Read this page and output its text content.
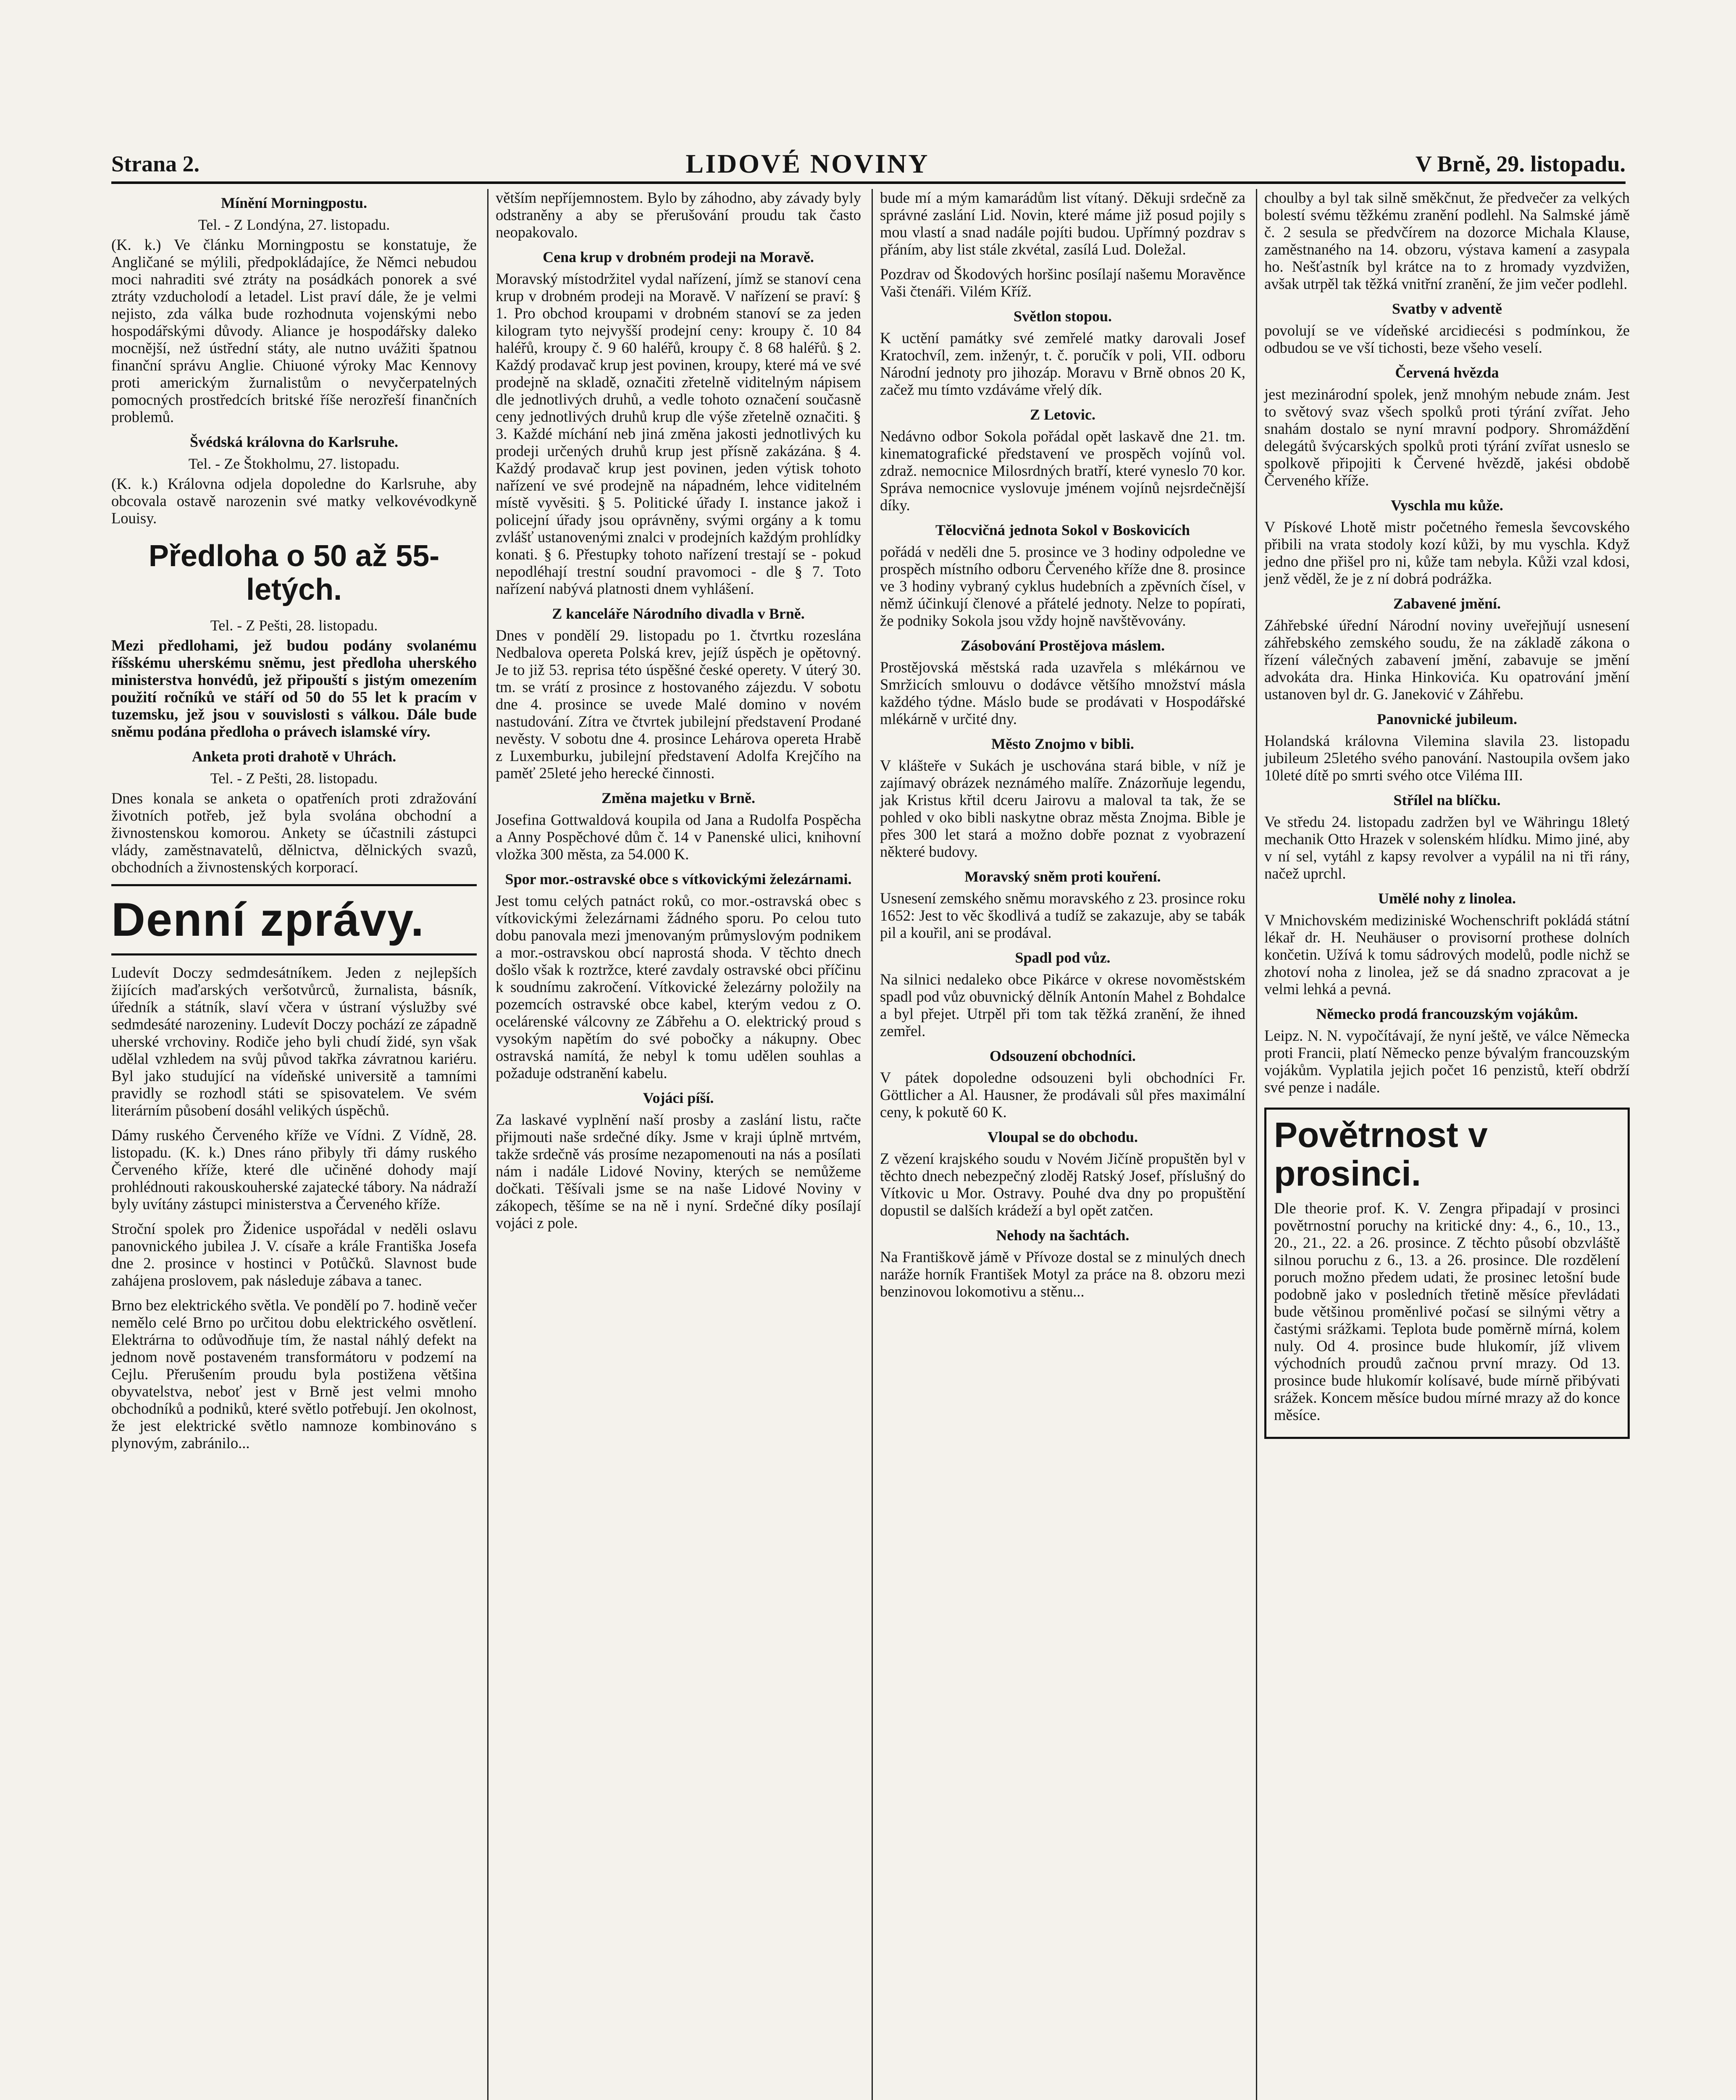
Strana 2.	LIDOVÉ NOVINY	V Brně, 29. listopadu.
Mínění Morningpostu.
Tel. - Z Londýna, 27. listopadu.

(K. k.) Ve článku Morningpostu se konstatuje, že Angličané se mýlili, předpokládajíce, že Němci nebudou moci nahraditi své ztráty na posádkách ponorek a své ztráty vzducholodí a letadel. List praví dále, že je velmi nejisto, zda válka bude rozhodnuta vojenskými nebo hospodářskými důvody. Aliance je hospodářsky daleko mocnější, než ústřední státy, ale nutno uvážiti špatnou finanční správu Anglie. Chiuoné výroky Mac Kennovy proti americkým žurnalistům o nevyčerpatelných pomocných prostředcích britské říše nerozřeší finančních problemů.

Švédská královna do Karlsruhe.
Tel. - Ze Štokholmu, 27. listopadu.

(K. k.) Královna odjela dopoledne do Karlsruhe, aby obcovala ostavě narozenin své matky velkovévodkyně Louisy.

Předloha o 50 až 55-letých.
Tel. - Z Pešti, 28. listopadu.

Mezi předlohami, jež budou podány svolanému říšskému uherskému sněmu, jest předloha uherského ministerstva honvédů, jež připouští s jistým omezením použití ročníků ve stáří od 50 do 55 let k pracím v tuzemsku, jež jsou v souvislosti s válkou. Dále bude sněmu podána předloha o právech islamské víry.

Anketa proti drahotě v Uhrách.
Tel. - Z Pešti, 28. listopadu.

Dnes konala se anketa o opatřeních proti zdražování životních potřeb, jež byla svolána obchodní a živnostenskou komorou. Ankety se účastnili zástupci vlády, zaměstnavatelů, dělnictva, dělnických svazů, obchodních a živnostenských korporací.

Denní zprávy.

Ludevít Doczy sedmdesátníkem. Jeden z nejlepších žijících maďarských veršotvůrců, žurnalista, básník, úředník a státník, slaví včera v ústraní výslužby své sedmdesáté narozeniny. Ludevít Doczy pochází ze západně uherské vrchoviny. Rodiče jeho byli chudí židé, syn však udělal vzhledem na svůj původ takřka závratnou kariéru. Byl jako studující na vídeňské universitě a tamními pravidly se rozhodl státi se spisovatelem. Ve svém literárním působení dosáhl velikých úspěchů.

Dámy ruského Červeného kříže ve Vídni. Z Vídně, 28. listopadu. (K. k.) Dnes ráno přibyly tři dámy ruského Červeného kříže, které dle učiněné dohody mají prohlédnouti rakouskouherské zajatecké tábory. Na nádraží byly uvítány zástupci ministerstva a Červeného kříže.

Stroční spolek pro Židenice uspořádal v neděli oslavu panovnického jubilea J. V. císaře a krále Františka Josefa dne 2. prosince v hostinci v Potůčků. Slavnost bude zahájena proslovem, pak následuje zábava a tanec.

Brno bez elektrického světla. Ve pondělí po 7. hodině večer nemělo celé Brno po určitou dobu elektrického osvětlení. Elektrárna to odůvodňuje tím, že nastal náhlý defekt na jednom nově postaveném transformátoru v podzemí na Cejlu. Přerušením proudu byla postižena většina obyvatelstva, neboť jest v Brně jest velmi mnoho obchodníků a podniků, které světlo potřebují. Jen okolnost, že jest elektrické světlo namnoze kombinováno s plynovým, zabránilo...

větším nepříjemnostem. Bylo by záhodno, aby závady byly odstraněny a aby se přerušování proudu tak často neopakovalo.

Cena krup v drobném prodeji na Moravě.

Moravský místodržitel vydal nařízení, jímž se stanoví cena krup v drobném prodeji na Moravě. V nařízení se praví: § 1. Pro obchod kroupami v drobném stanoví se za jeden kilogram tyto nejvyšší prodejní ceny: kroupy č. 10 84 haléřů, kroupy č. 9 60 haléřů, kroupy č. 8 68 haléřů. § 2. Každý prodavač krup jest povinen, kroupy, které má ve své prodejně na skladě, označiti zřetelně viditelným nápisem dle jednotlivých druhů, a vedle tohoto označení současně ceny jednotlivých druhů krup dle výše zřetelně označiti. § 3. Každé míchání neb jiná změna jakosti jednotlivých ku prodeji určených druhů krup jest přísně zakázána. § 4. Každý prodavač krup jest povinen, jeden výtisk tohoto nařízení ve své prodejně na nápadném, lehce viditelném místě vyvěsiti. § 5. Politické úřady I. instance jakož i policejní úřady jsou oprávněny, svými orgány a k tomu zvlášť ustanovenými znalci v prodejních každým prohlídky konati. § 6. Přestupky tohoto nařízení trestají se - pokud nepodléhají trestní soudní pravomoci - dle § 7. Toto nařízení nabývá platnosti dnem vyhlášení.

Z kanceláře Národního divadla v Brně.

Dnes v pondělí 29. listopadu po 1. čtvrtku rozeslána Nedbalova opereta Polská krev, jejíž úspěch je opětovný. Je to již 53. reprisa této úspěšné české operety. V úterý 30. tm. se vrátí z prosince z hostovaného zájezdu. V sobotu dne 4. prosince se uvede Malé domino v novém nastudování. Zítra ve čtvrtek jubilejní představení Prodané nevěsty. V sobotu dne 4. prosince Lehárova opereta Hrabě z Luxemburku, jubilejní představení Adolfa Krejčího na paměť 25leté jeho herecké činnosti.

Změna majetku v Brně.

Josefina Gottwaldová koupila od Jana a Rudolfa Pospěcha a Anny Pospěchové dům č. 14 v Panenské ulici, knihovní vložka 300 města, za 54.000 K.

Spor mor.-ostravské obce s vítkovickými železárnami.

Jest tomu celých patnáct roků, co mor.-ostravská obec s vítkovickými železárnami žádného sporu. Po celou tuto dobu panovala mezi jmenovaným průmyslovým podnikem a mor.-ostravskou obcí naprostá shoda. V těchto dnech došlo však k roztržce, které zavdaly ostravské obci příčinu k soudnímu zakročení. Vítkovické železárny položily na pozemcích ostravské obce kabel, kterým vedou z O. ocelárenské válcovny ze Zábřehu a O. elektrický proud s vysokým napětím do své pobočky a nákupny. Obec ostravská namítá, že nebyl k tomu udělen souhlas a požaduje odstranění kabelu.

Vojáci píší.

Za laskavé vyplnění naší prosby a zaslání listu, račte přijmouti naše srdečné díky. Jsme v kraji úplně mrtvém, takže srdečně vás prosíme nezapomenouti na nás a posílati nám i nadále Lidové Noviny, kterých se nemůžeme dočkati. Těšívali jsme se na naše Lidové Noviny v zákopech, těšíme se na ně i nyní. Srdečné díky posílají vojáci z pole.

bude mí a mým kamarádům list vítaný. Děkuji srdečně za správné zaslání Lid. Novin, které máme již posud pojily s mou vlastí a snad nadále pojíti budou. Upřímný pozdrav s přáním, aby list stále zkvétal, zasílá Lud. Doležal.

Pozdrav od Škodových horšinc posílají našemu Moravěnce Vaši čtenáři. Vilém Kříž.

Světlon stopou.

K uctění památky své zemřelé matky darovali Josef Kratochvíl, zem. inženýr, t. č. poručík v poli, VII. odboru Národní jednoty pro jihozáp. Moravu v Brně obnos 20 K, začež mu tímto vzdáváme vřelý dík.

Z Letovic.

Nedávno odbor Sokola pořádal opět laskavě dne 21. tm. kinematografické představení ve prospěch vojínů vol. zdraž. nemocnice Milosrdných bratří, které vyneslo 70 kor. Správa nemocnice vyslovuje jménem vojínů nejsrdečnější díky.

Tělocvičná jednota Sokol v Boskovicích

pořádá v neděli dne 5. prosince ve 3 hodiny odpoledne ve prospěch místního odboru Červeného kříže dne 8. prosince ve 3 hodiny vybraný cyklus hudebních a zpěvních čísel, v němž účinkují členové a přátelé jednoty. Nelze to popírati, že podniky Sokola jsou vždy hojně navštěvovány.

Zásobování Prostějova máslem.

Prostějovská městská rada uzavřela s mlékárnou ve Smržicích smlouvu o dodávce většího množství másla každého týdne. Máslo bude se prodávati v Hospodářské mlékárně v určité dny.

Město Znojmo v bibli.

V klášteře v Sukách je uschována stará bible, v níž je zajímavý obrázek neznámého malíře. Znázorňuje legendu, jak Kristus křtil dceru Jairovu a maloval ta tak, že se pohled v oko bibli naskytne obraz města Znojma. Bible je přes 300 let stará a možno dobře poznat z vyobrazení některé budovy.

Moravský sněm proti kouření.

Usnesení zemského sněmu moravského z 23. prosince roku 1652: Jest to věc škodlivá a tudíž se zakazuje, aby se tabák pil a kouřil, ani se prodával.

Spadl pod vůz.

Na silnici nedaleko obce Pikárce v okrese novoměstském spadl pod vůz obuvnický dělník Antonín Mahel z Bohdalce a byl přejet. Utrpěl při tom tak těžká zranění, že ihned zemřel.

Odsouzení obchodníci.

V pátek dopoledne odsouzeni byli obchodníci Fr. Göttlicher a Al. Hausner, že prodávali sůl přes maximální ceny, k pokutě 60 K.

Vloupal se do obchodu.

Z vězení krajského soudu v Novém Jičíně propuštěn byl v těchto dnech nebezpečný zloděj Ratský Josef, příslušný do Vítkovic u Mor. Ostravy. Pouhé dva dny po propuštění dopustil se dalších krádeží a byl opět zatčen.

Nehody na šachtách.

Na Františkově jámě v Přívoze dostal se z minulých dnech naráže horník František Motyl za práce na 8. obzoru mezi benzinovou lokomotivu a stěnu...

choulby a byl tak silně směkčnut, že předvečer za velkých bolestí svému těžkému zranění podlehl. Na Salmské jámě č. 2 sesula se předvčírem na dozorce Michala Klause, zaměstnaného na 14. obzoru, výstava kamení a zasypala ho. Nešťastník byl krátce na to z hromady vyzdvižen, avšak utrpěl tak těžká vnitřní zranění, že jim večer podlehl.

Svatby v adventě

povolují se ve vídeňské arcidiecési s podmínkou, že odbudou se ve vší tichosti, beze všeho veselí.

Červená hvězda

jest mezinárodní spolek, jenž mnohým nebude znám. Jest to světový svaz všech spolků proti týrání zvířat. Jeho snahám dostalo se nyní mravní podpory. Shromáždění delegátů švýcarských spolků proti týrání zvířat usneslo se spolkově připojiti k Červené hvězdě, jakési obdobě Červeného kříže.

Vyschla mu kůže.

V Pískové Lhotě mistr početného řemesla ševcovského přibili na vrata stodoly kozí kůži, by mu vyschla. Když jedno dne přišel pro ni, kůže tam nebyla. Kůži vzal kdosi, jenž věděl, že je z ní dobrá podrážka.

Zabavené jmění.

Záhřebské úřední Národní noviny uveřejňují usnesení záhřebského zemského soudu, že na základě zákona o řízení válečných zabavení jmění, zabavuje se jmění advokáta dra. Hinka Hinkovića. Ku opatrování jmění ustanoven byl dr. G. Janeković v Záhřebu.

Panovnické jubileum.

Holandská královna Vilemina slavila 23. listopadu jubileum 25letého svého panování. Nastoupila ovšem jako 10leté dítě po smrti svého otce Viléma III.

Střílel na blíčku.

Ve středu 24. listopadu zadržen byl ve Währingu 18letý mechanik Otto Hrazek v solenském hlídku. Mimo jiné, aby v ní sel, vytáhl z kapsy revolver a vypálil na ni tři rány, načež uprchl.

Umělé nohy z linolea.

V Mnichovském mediziniské Wochenschrift pokládá státní lékař dr. H. Neuhäuser o provisorní prothese dolních končetin. Užívá k tomu sádrových modelů, podle nichž se zhotoví noha z linolea, jež se dá snadno zpracovat a je velmi lehká a pevná.

Německo prodá francouzským vojákům.

Leipz. N. N. vypočítávají, že nyní ještě, ve válce Německa proti Francii, platí Německo penze bývalým francouzským vojákům. Vyplatila jejich počet 16 penzistů, kteří obdrží své penze i nadále.

Povětrnost v prosinci.

Dle theorie prof. K. V. Zengra připadají v prosinci povětrnostní poruchy na kritické dny: 4., 6., 10., 13., 20., 21., 22. a 26. prosince. Z těchto působí obzvláště silnou poruchu z 6., 13. a 26. prosince. Dle rozdělení poruch možno předem udati, že prosinec letošní bude podobně jako v posledních třetině měsíce převládati bude většinou proměnlivé počasí se silnými větry a častými srážkami. Teplota bude poměrně mírná, kolem nuly. Od 4. prosince bude hlukomír, jíž vlivem východních proudů začnou první mrazy. Od 13. prosince bude hlukomír kolísavé, bude mírně přibývati srážek. Koncem měsíce budou mírné mrazy až do konce měsíce.
